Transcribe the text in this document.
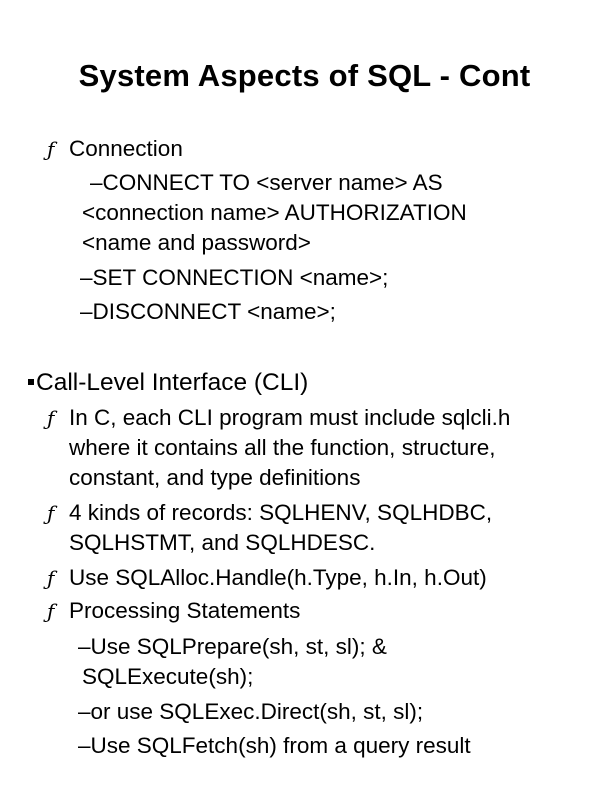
System Aspects of SQL - Cont
ƒ Connection
–CONNECT TO <server name> AS
<connection name> AUTHORIZATION
<name and password>
–SET CONNECTION <name>;
–DISCONNECT <name>;
Call-Level Interface (CLI)
ƒ In C, each CLI program must include sqlcli.h
where it contains all the function, structure,
constant, and type definitions
ƒ 4 kinds of records: SQLHENV, SQLHDBC,
SQLHSTMT, and SQLHDESC.
ƒ Use SQLAlloc.Handle(h.Type, h.In, h.Out)
ƒ Processing Statements
–Use SQLPrepare(sh, st, sl); &
SQLExecute(sh);
–or use SQLExec.Direct(sh, st, sl);
–Use SQLFetch(sh) from a query result
